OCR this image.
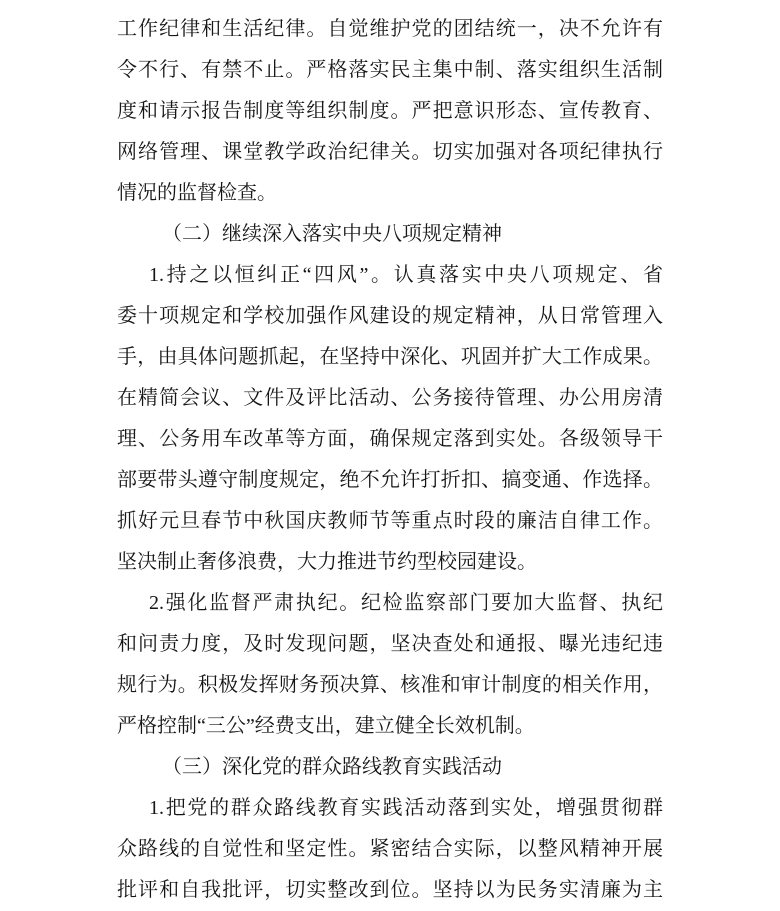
工作纪律和生活纪律。自觉维护党的团结统一，决不允许有
令不行、有禁不止。严格落实民主集中制、落实组织生活制
度和请示报告制度等组织制度。严把意识形态、宣传教育、
网络管理、课堂教学政治纪律关。切实加强对各项纪律执行
情况的监督检查。
（二）继续深入落实中央八项规定精神
1.持之以恒纠正“四风”。认真落实中央八项规定、省
委十项规定和学校加强作风建设的规定精神，从日常管理入
手，由具体问题抓起，在坚持中深化、巩固并扩大工作成果。
在精简会议、文件及评比活动、公务接待管理、办公用房清
理、公务用车改革等方面，确保规定落到实处。各级领导干
部要带头遵守制度规定，绝不允许打折扣、搞变通、作选择。
抓好元旦春节中秋国庆教师节等重点时段的廉洁自律工作。
坚决制止奢侈浪费，大力推进节约型校园建设。
2.强化监督严肃执纪。纪检监察部门要加大监督、执纪
和问责力度，及时发现问题，坚决查处和通报、曝光违纪违
规行为。积极发挥财务预决算、核准和审计制度的相关作用，
严格控制“三公”经费支出，建立健全长效机制。
（三）深化党的群众路线教育实践活动
1.把党的群众路线教育实践活动落到实处，增强贯彻群
众路线的自觉性和坚定性。紧密结合实际，以整风精神开展
批评和自我批评，切实整改到位。坚持以为民务实清廉为主
